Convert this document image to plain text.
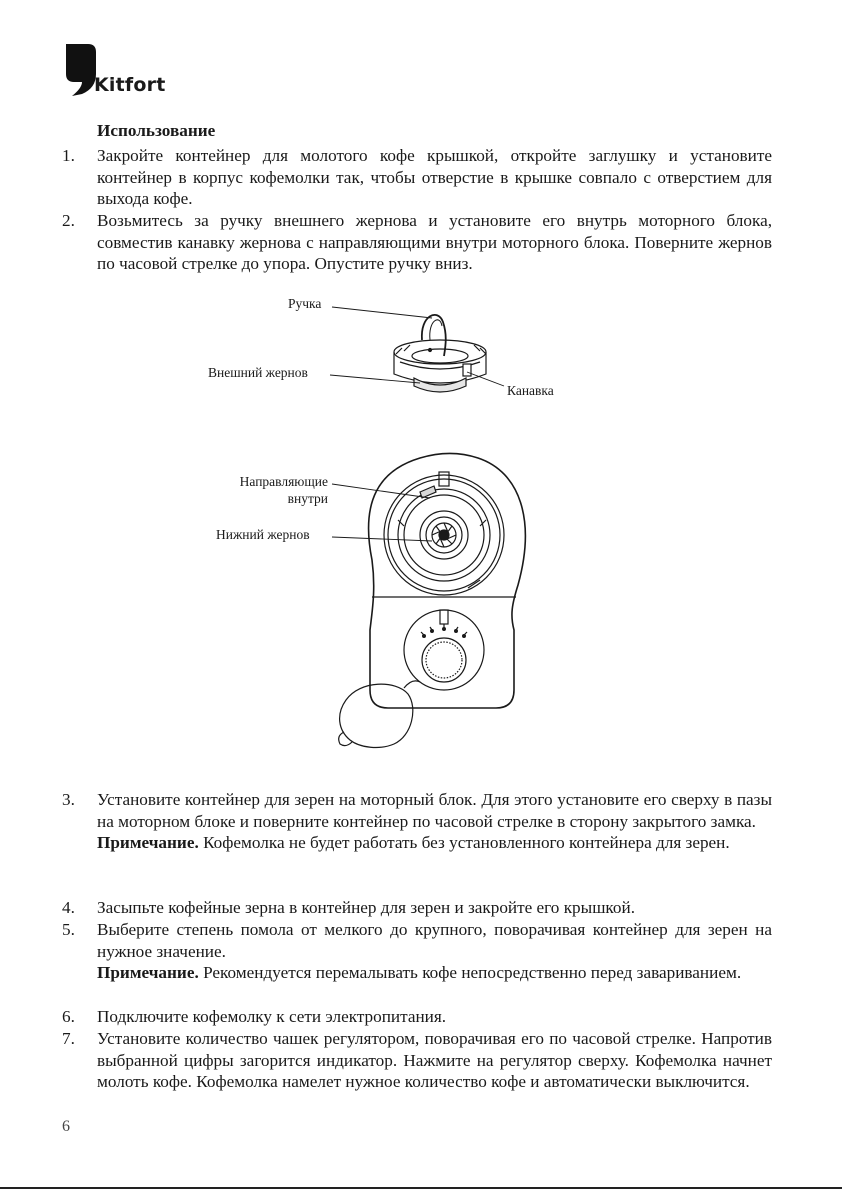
Kitfort
Использование
1.	Закройте контейнер для молотого кофе крышкой, откройте заглушку и установите контейнер в корпус кофемолки так, чтобы отверстие в крышке совпало с отверстием для выхода кофе.
2.	Возьмитесь за ручку внешнего жернова и установите его внутрь моторного блока, совместив канавку жернова с направляющими внутри моторного блока. Поверните жернов по часовой стрелке до упора. Опустите ручку вниз.
Ручка
Внешний жернов
Канавка
Направляющие
внутри
Нижний жернов
3.	Установите контейнер для зерен на моторный блок. Для этого установите его сверху в пазы на моторном блоке и поверните контейнер по часовой стрелке в сторону закрытого замка.
Примечание. Кофемолка не будет работать без установленного контейнера для зерен.
4.	Засыпьте кофейные зерна в контейнер для зерен и закройте его крышкой.
5.	Выберите степень помола от мелкого до крупного, поворачивая контейнер для зерен на нужное значение.
Примечание. Рекомендуется перемалывать кофе непосредственно перед завариванием.
6.	Подключите кофемолку к сети электропитания.
7.	Установите количество чашек регулятором, поворачивая его по часовой стрелке. Напротив выбранной цифры загорится индикатор. Нажмите на регулятор сверху. Кофемолка начнет молоть кофе. Кофемолка намелет нужное количество кофе и автоматически выключится.
6
